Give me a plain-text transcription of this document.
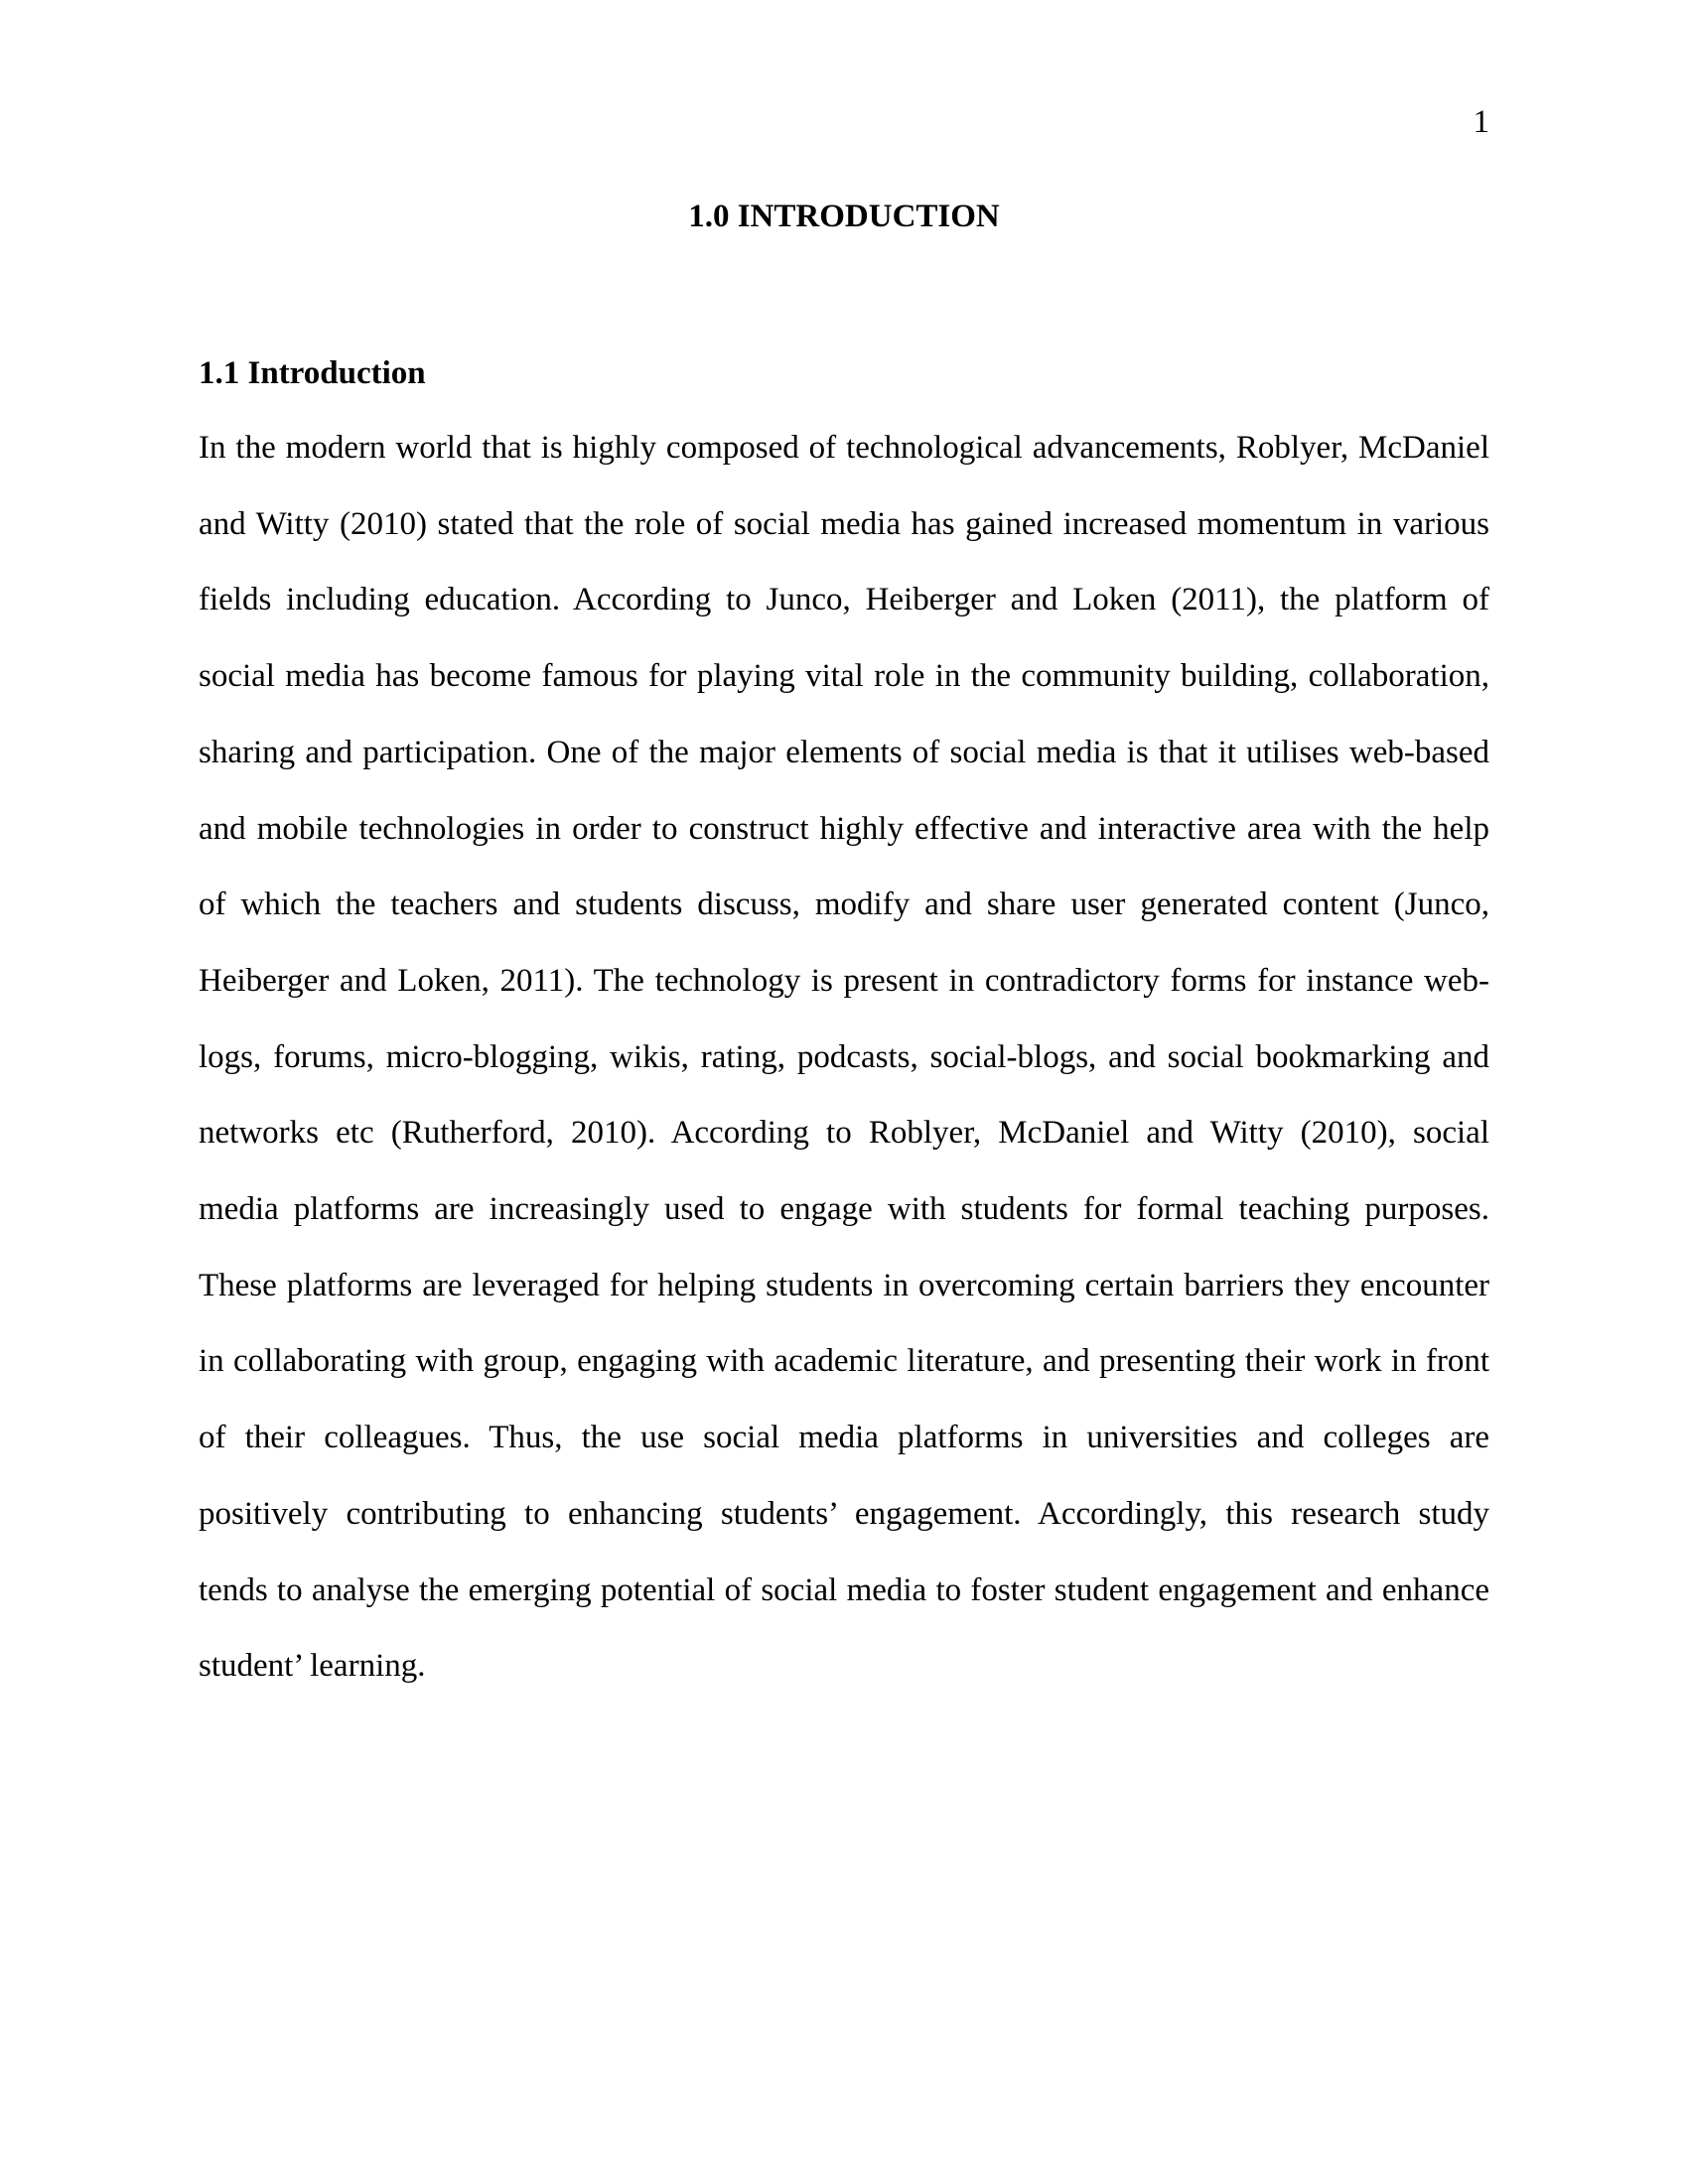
1
1.0 INTRODUCTION
1.1 Introduction
In the modern world that is highly composed of technological advancements, Roblyer, McDaniel
and Witty (2010) stated that the role of social media has gained increased momentum in various
fields including education. According to Junco, Heiberger and Loken (2011), the platform of
social media has become famous for playing vital role in the community building, collaboration,
sharing and participation. One of the major elements of social media is that it utilises web-based
and mobile technologies in order to construct highly effective and interactive area with the help
of which the teachers and students discuss, modify and share user generated content (Junco,
Heiberger and Loken, 2011). The technology is present in contradictory forms for instance web-
logs, forums, micro-blogging, wikis, rating, podcasts, social-blogs, and social bookmarking and
networks etc (Rutherford, 2010). According to Roblyer, McDaniel and Witty (2010), social
media platforms are increasingly used to engage with students for formal teaching purposes.
These platforms are leveraged for helping students in overcoming certain barriers they encounter
in collaborating with group, engaging with academic literature, and presenting their work in front
of their colleagues. Thus, the use social media platforms in universities and colleges are
positively contributing to enhancing students’ engagement. Accordingly, this research study
tends to analyse the emerging potential of social media to foster student engagement and enhance
student’ learning.
